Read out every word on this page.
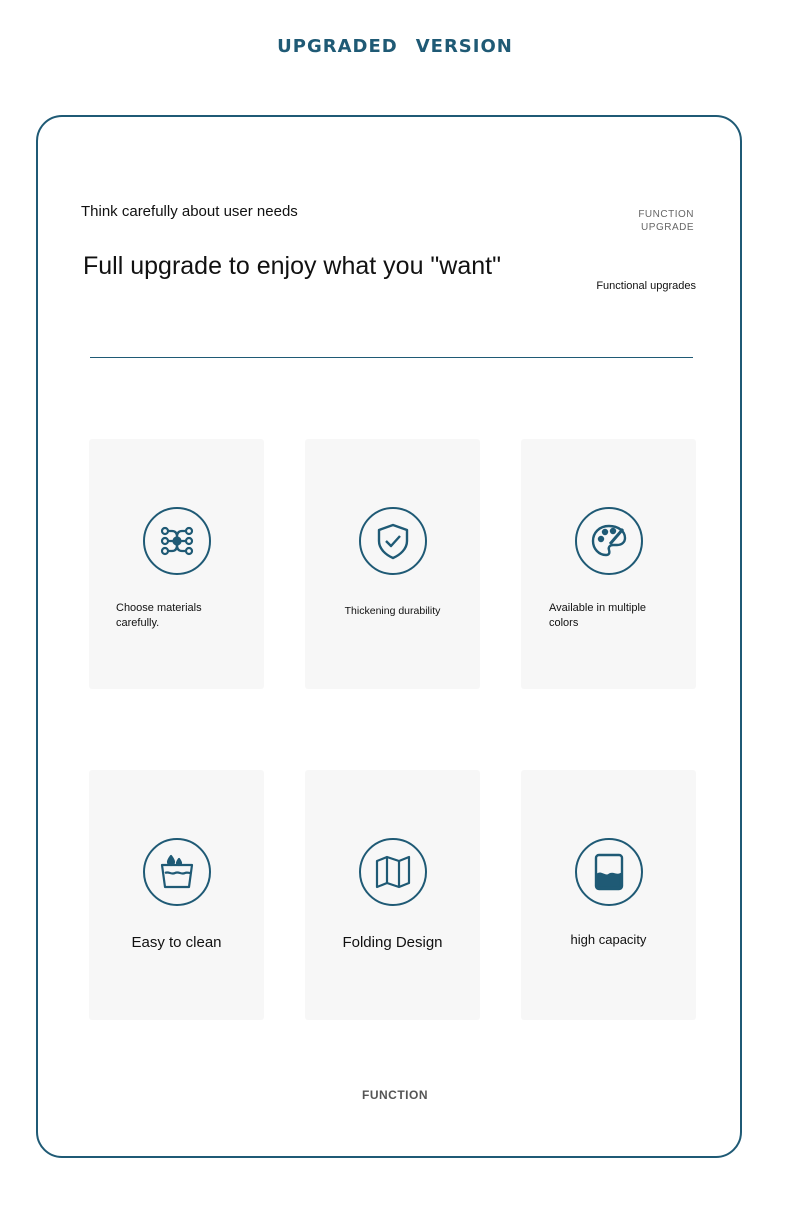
UPGRADED VERSION
Think carefully about user needs
Full upgrade to enjoy what you "want"
FUNCTION
UPGRADE
Functional upgrades
Choose materials carefully.
Thickening durability	Available in multiple colors
Easy to clean	Folding Design	high capacity
FUNCTION
